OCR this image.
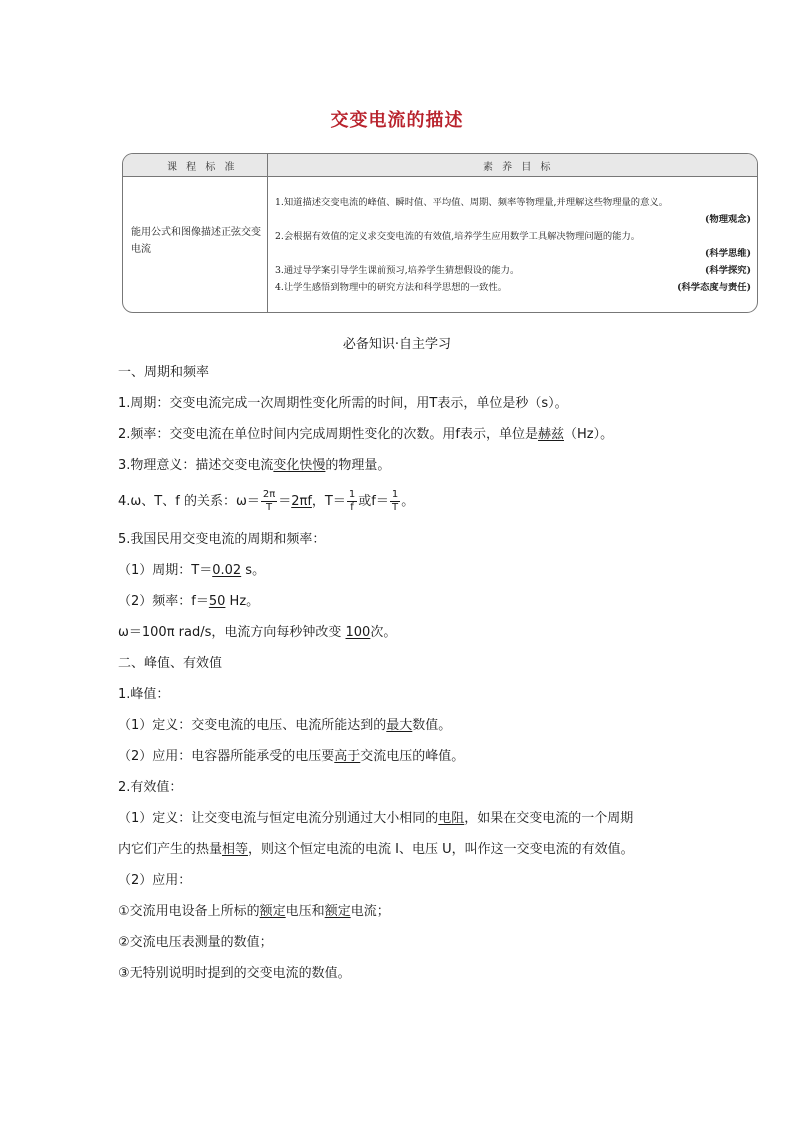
交变电流的描述
课 程 标 准	素 养 目 标
能用公式和图像描述正弦交变电流
1.知道描述交变电流的峰值、瞬时值、平均值、周期、频率等物理量,并理解这些物理量的意义。
(物理观念)
2.会根据有效值的定义求交变电流的有效值,培养学生应用数学工具解决物理问题的能力。
(科学思维)
3.通过导学案引导学生课前预习,培养学生猜想假设的能力。	(科学探究)
4.让学生感悟到物理中的研究方法和科学思想的一致性。	(科学态度与责任)
必备知识·自主学习
一、周期和频率
1.周期：交变电流完成一次周期性变化所需的时间，用T表示，单位是秒（s）。
2.频率：交变电流在单位时间内完成周期性变化的次数。用f表示，单位是赫兹（Hz）。
3.物理意义：描述交变电流变化快慢的物理量。
4.ω、T、f 的关系：$\omega= \frac{2\pi}{T} =2\pi f$，$T= \frac{1}{f}$ 或$f= \frac{1}{T}$ 。
5.我国民用交变电流的周期和频率：
（1）周期：T＝0.02 s。
（2）频率：f＝50 Hz。
ω＝100π rad/s，电流方向每秒钟改变 100次。
二、峰值、有效值
1.峰值：
（1）定义：交变电流的电压、电流所能达到的最大数值。
（2）应用：电容器所能承受的电压要高于交流电压的峰值。
2.有效值：
（1）定义：让交变电流与恒定电流分别通过大小相同的电阻，如果在交变电流的一个周期
内它们产生的热量相等，则这个恒定电流的电流 I、电压 U，叫作这一交变电流的有效值。
（2）应用：
①交流用电设备上所标的额定电压和额定电流；
②交流电压表测量的数值；
③无特别说明时提到的交变电流的数值。
